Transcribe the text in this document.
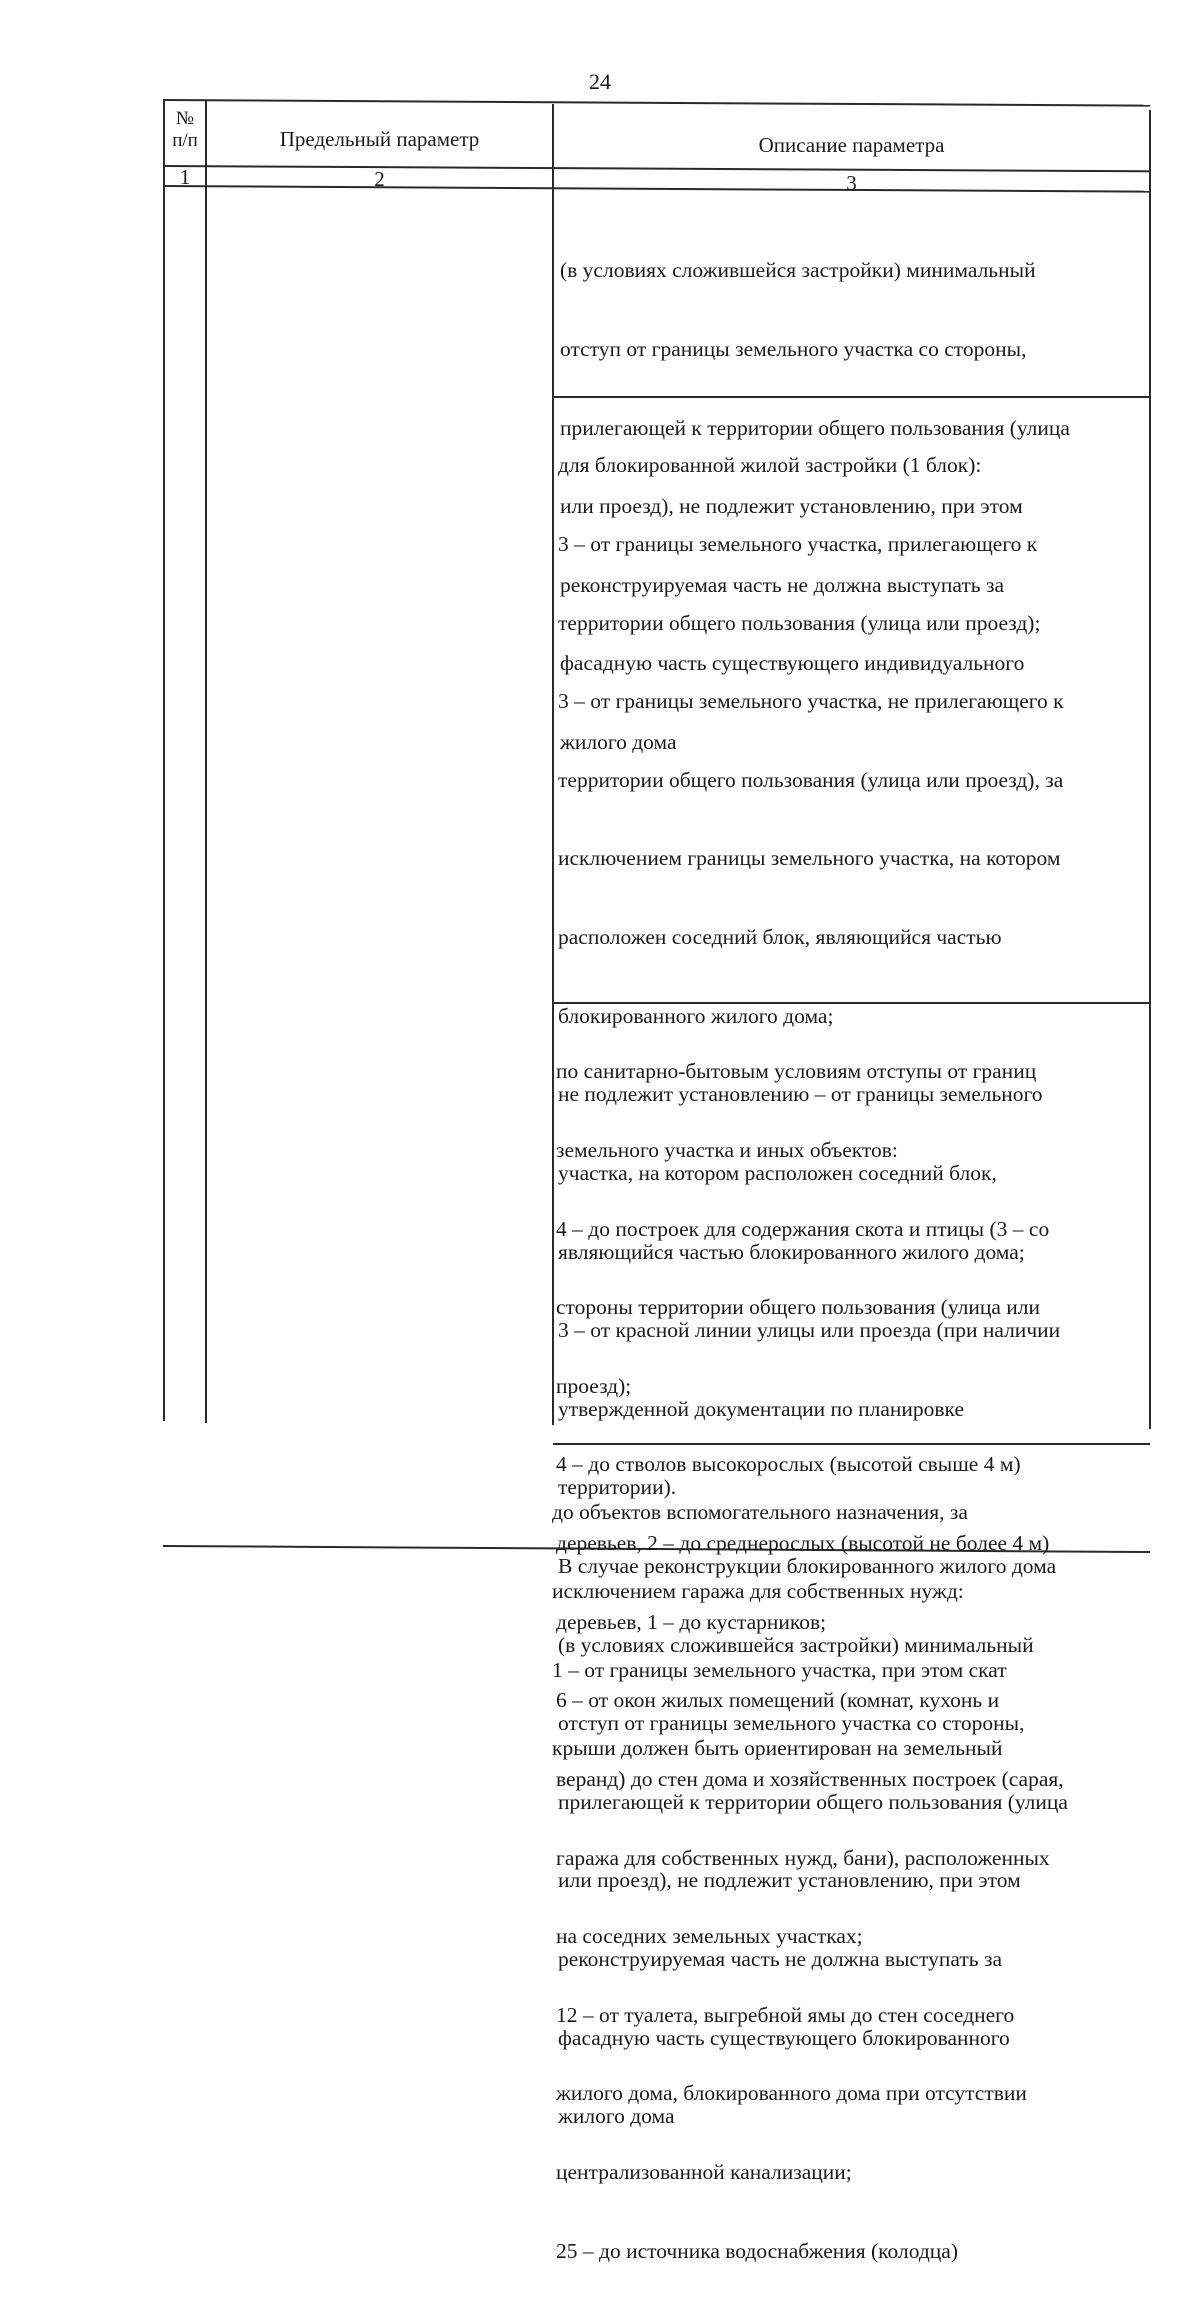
24
№
п/п	Предельный параметр	Описание параметра
1	2	3

(в условиях сложившейся застройки) минимальный

отступ от границы земельного участка со стороны,

прилегающей к территории общего пользования (улица

или проезд), не подлежит установлению, при этом

реконструируемая часть не должна выступать за

фасадную часть существующего индивидуального

жилого дома

для блокированной жилой застройки (1 блок):

3 – от границы земельного участка, прилегающего к

территории общего пользования (улица или проезд);

3 – от границы земельного участка, не прилегающего к

территории общего пользования (улица или проезд), за

исключением границы земельного участка, на котором

расположен соседний блок, являющийся частью

блокированного жилого дома;

не подлежит установлению – от границы земельного

участка, на котором расположен соседний блок,

являющийся частью блокированного жилого дома;

3 – от красной линии улицы или проезда (при наличии

утвержденной документации по планировке

территории).

В случае реконструкции блокированного жилого дома

(в условиях сложившейся застройки) минимальный

отступ от границы земельного участка со стороны,

прилегающей к территории общего пользования (улица

или проезд), не подлежит установлению, при этом

реконструируемая часть не должна выступать за

фасадную часть существующего блокированного

жилого дома

по санитарно-бытовым условиям отступы от границ

земельного участка и иных объектов:

4 – до построек для содержания скота и птицы (3 – со

стороны территории общего пользования (улица или

проезд);

4 – до стволов высокорослых (высотой свыше 4 м)

деревьев, 2 – до среднерослых (высотой не более 4 м)

деревьев, 1 – до кустарников;

6 – от окон жилых помещений (комнат, кухонь и

веранд) до стен дома и хозяйственных построек (сарая,

гаража для собственных нужд, бани), расположенных

на соседних земельных участках;

12 – от туалета, выгребной ямы до стен соседнего

жилого дома, блокированного дома при отсутствии

централизованной канализации;

25 – до источника водоснабжения (колодца)

до объектов вспомогательного назначения, за

исключением гаража для собственных нужд:

1 – от границы земельного участка, при этом скат

крыши должен быть ориентирован на земельный
